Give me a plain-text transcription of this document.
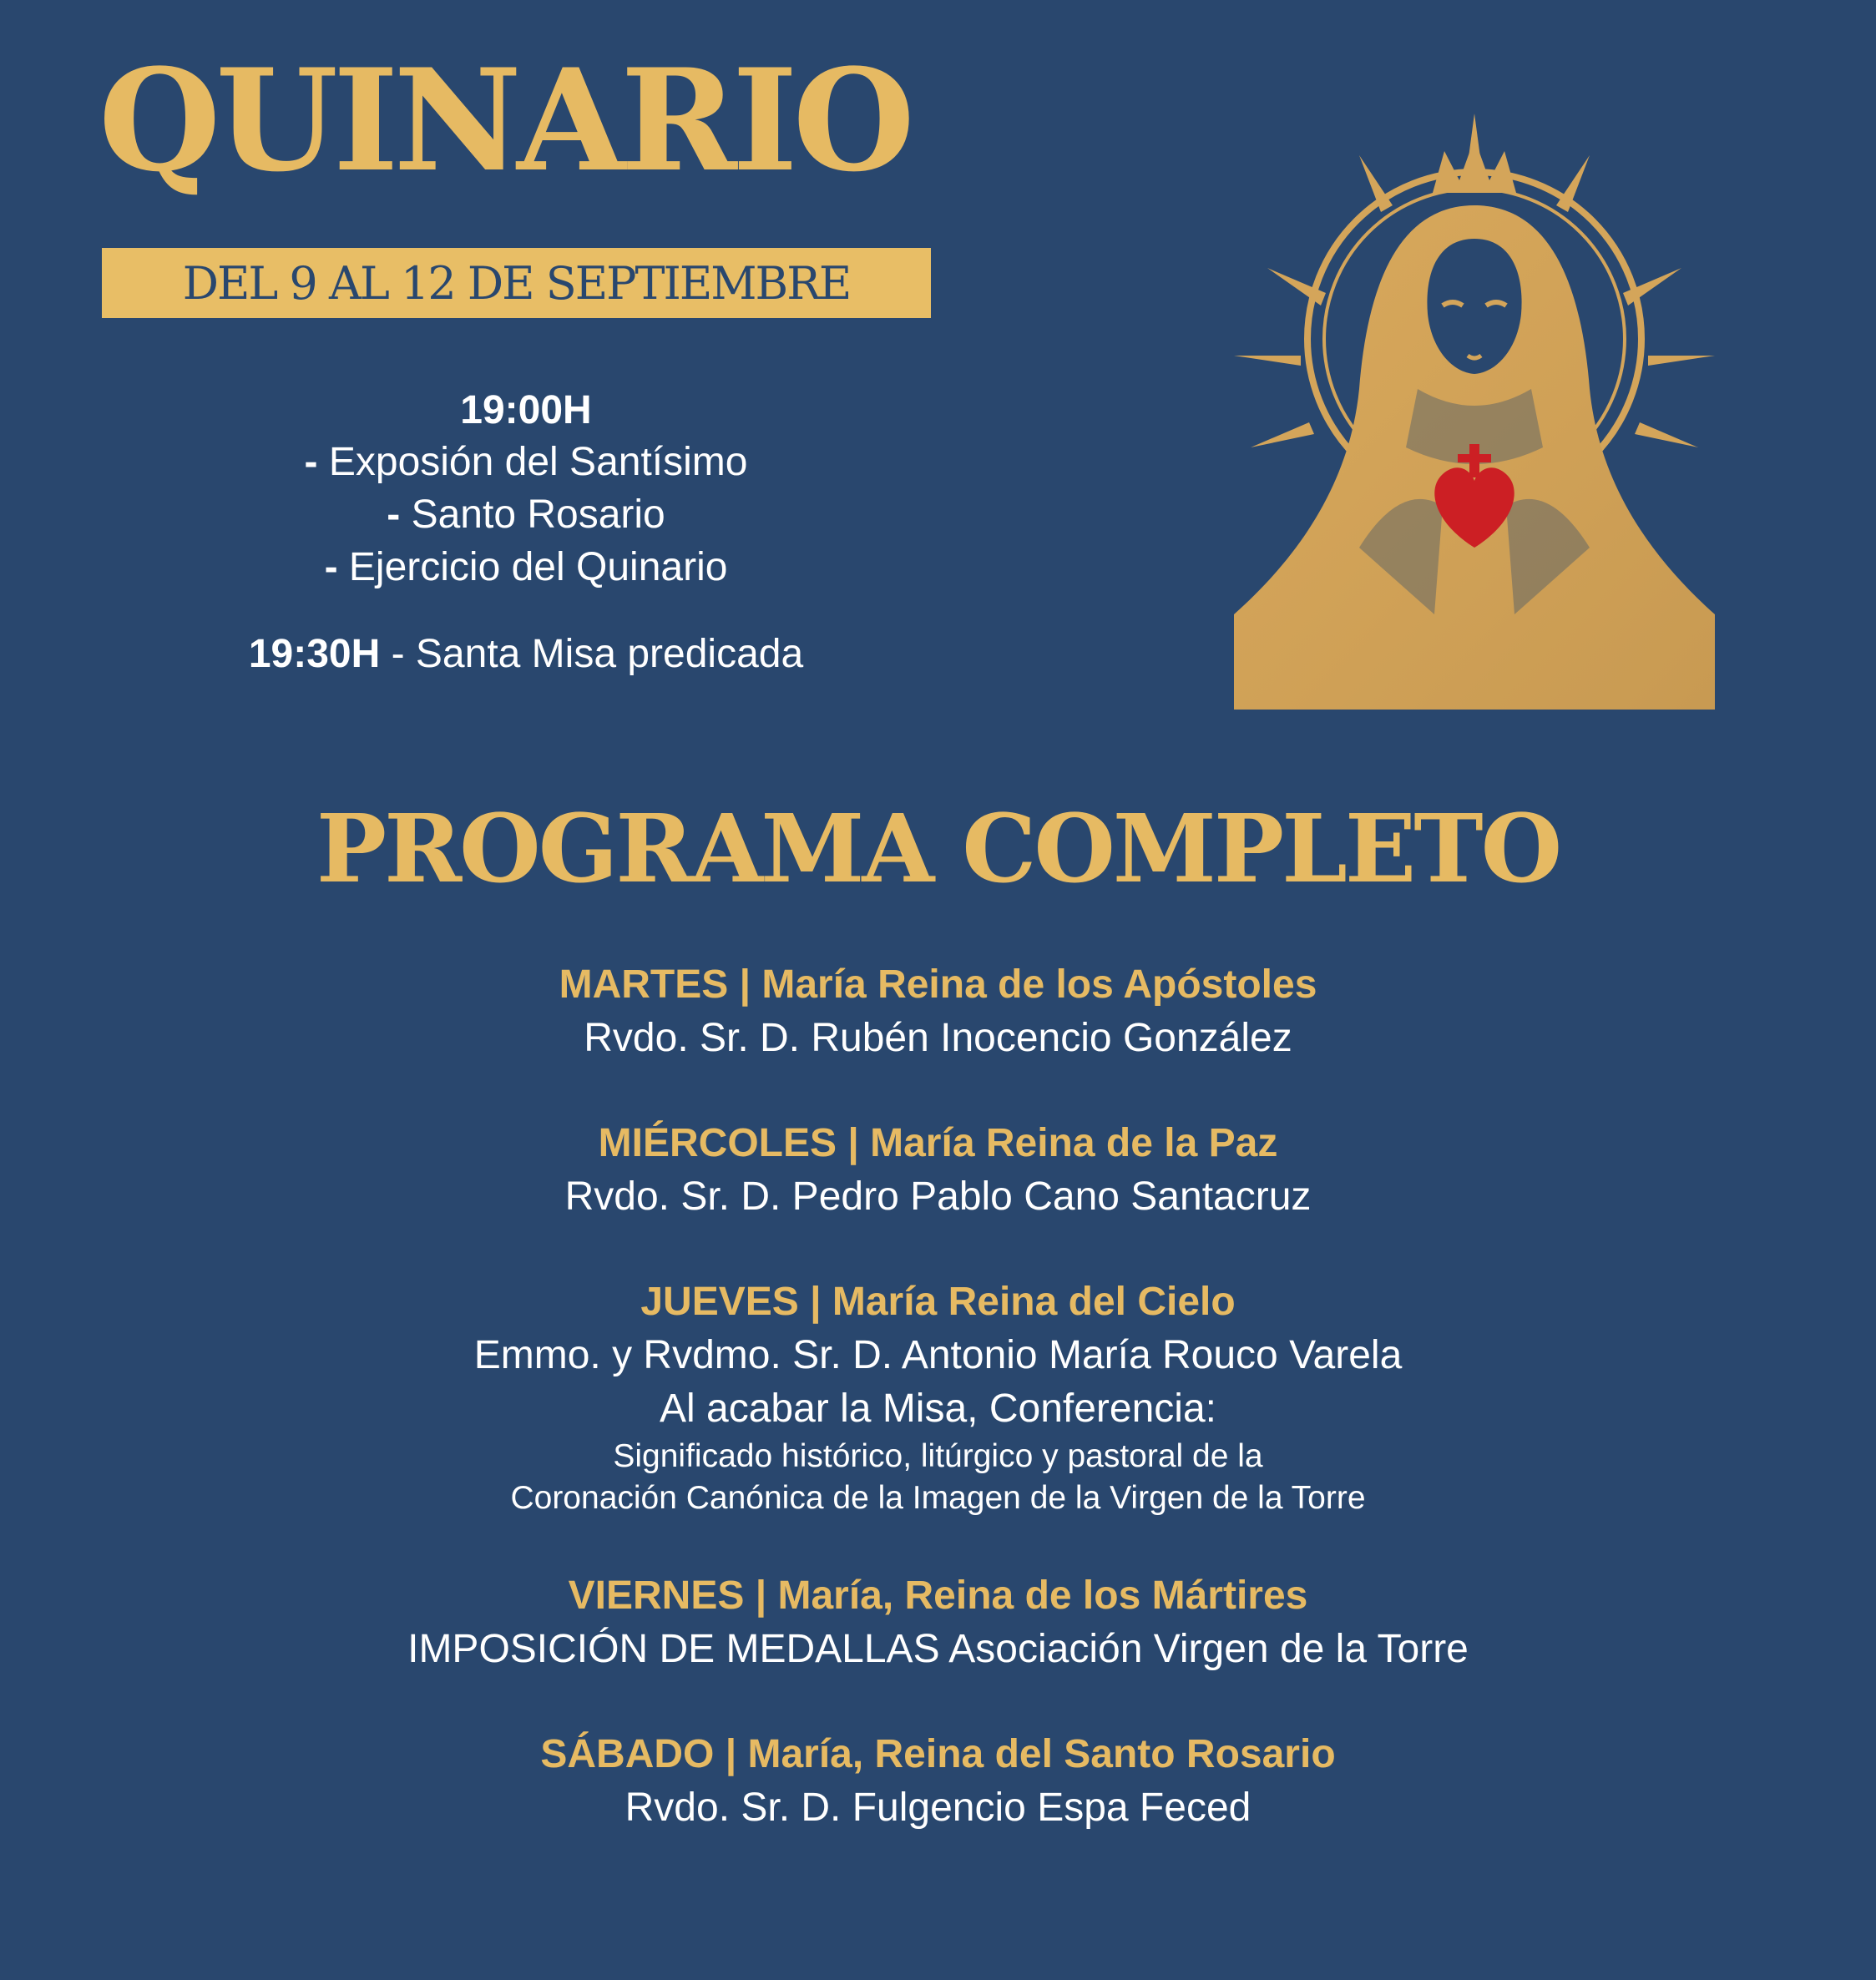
QUINARIO
DEL 9 AL 12 DE SEPTIEMBRE
19:00H
- Exposión del Santísimo
- Santo Rosario
- Ejercicio del Quinario
19:30H - Santa Misa predicada
PROGRAMA COMPLETO
MARTES | María Reina de los Apóstoles
Rvdo. Sr. D. Rubén Inocencio González
MIÉRCOLES | María Reina de la Paz
Rvdo. Sr. D. Pedro Pablo Cano Santacruz
JUEVES | María Reina del Cielo
Emmo. y Rvdmo. Sr. D. Antonio María Rouco Varela
Al acabar la Misa, Conferencia:
Significado histórico, litúrgico y pastoral de la
Coronación Canónica de la Imagen de la Virgen de la Torre
VIERNES | María, Reina de los Mártires
IMPOSICIÓN DE MEDALLAS Asociación Virgen de la Torre
SÁBADO | María, Reina del Santo Rosario
Rvdo. Sr. D. Fulgencio Espa Feced
